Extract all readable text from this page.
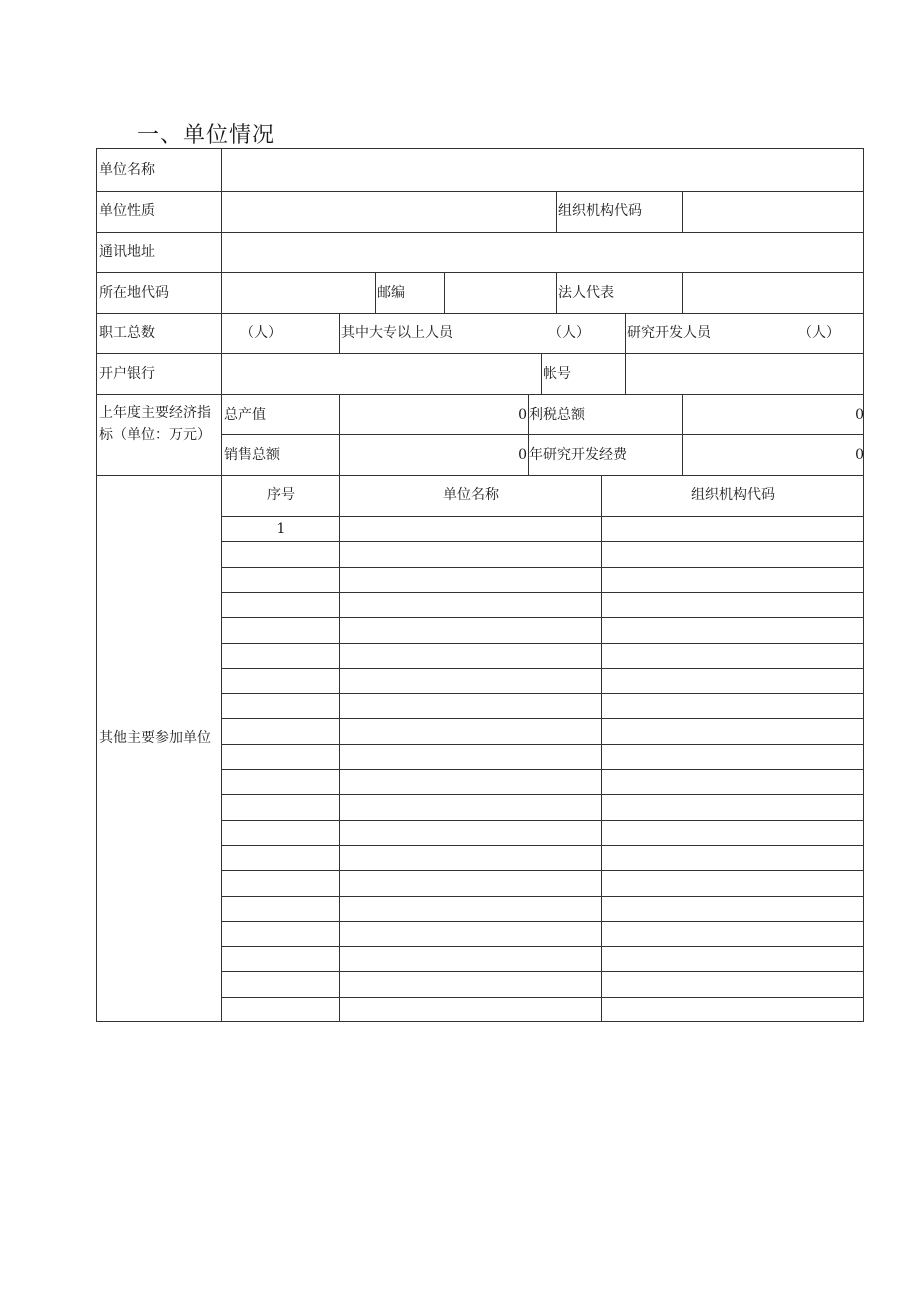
一、单位情况
单位名称
单位性质	组织机构代码
通讯地址
所在地代码	邮编	法人代表
职工总数	（人）	其中大专以上人员	（人）	研究开发人员	（人）
开户银行	帐号
上年度主要经济指标（单位：万元）
总产值	0 利税总额	0
销售总额	0 年研究开发经费	0
其他主要参加单位
序号	单位名称	组织机构代码
1
